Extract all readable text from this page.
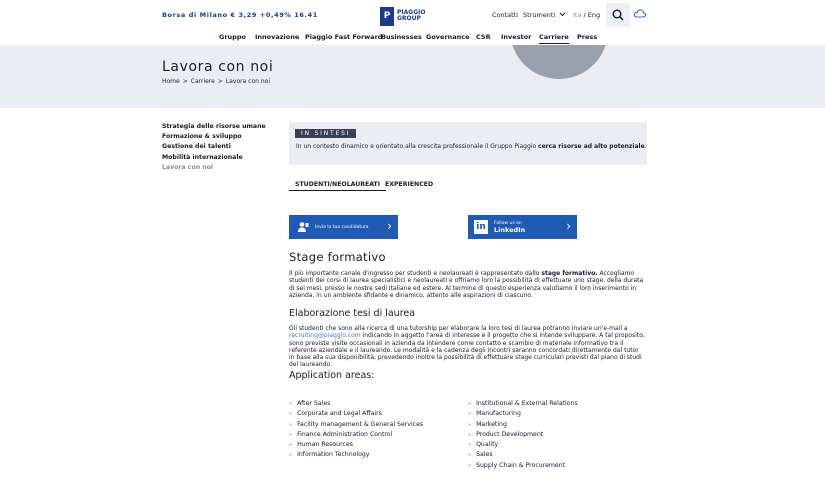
Borsa di Milano € 3,29 +0,49% 16.41	P	PIAGGIO
GROUP	Contatti Strumenti	Ita / Eng
Gruppo Innovazione Piaggio Fast Forward
Businesses Governance CSR Investor Carriere Press
Lavora con noi
Home > Carriere > Lavora con noi
Strategia delle risorse umane
Formazione & sviluppo
Gestione dei talenti
Mobilità internazionale
Lavora con noi
IN SINTESI
In un contesto dinamico e orientato alla crescita professionale il Gruppo Piaggio cerca risorse ad alto potenziale.
STUDENTI/NEOLAUREATI EXPERIENCED
Invia la tua candidatura ›	in	Follow us on
LinkedIn	›
Stage formativo
Il più importante canale d'ingresso per studenti e neolaureati è rappresentato dallo stage formativo. Accogliamo studenti dei corsi di laurea specialistici e neolaureati e offriamo loro la possibilità di effettuare uno stage, della durata di sei mesi, presso le nostre sedi italiane ed estere. Al termine di questo esperienza valutiamo il loro inserimento in azienda, in un ambiente sfidante e dinamico, attento alle aspirazioni di ciascuno.
Elaborazione tesi di laurea
Gli studenti che sono alla ricerca di una tutorship per elaborare la loro tesi di laurea potranno inviare un'e-mail a recruiting@piaggio.com indicando in aggetto l'area di interesse e il progetto che si intende sviluppare. A tal proposito, sono previste visite occasionali in azienda da intendere come contatto e scambio di materiale informativo tra il referente aziendale e il laureando. Le modalità e la cadenza degli incontri saranno concordati direttamente dal tutor in base alla sua disponibilità, prevedendo inoltre la possibilità di effettuare stage curriculari previsti dal piano di studi del laureando.
Application areas:
» After Sales
» Corporate and Legal Affairs
» Facility management & General Services
» Finance Administration Control
» Human Resources
» Information Technology
» Institutional & External Relations
» Manufacturing
» Marketing
» Product Development
» Quality
» Sales
» Supply Chain & Procurement
